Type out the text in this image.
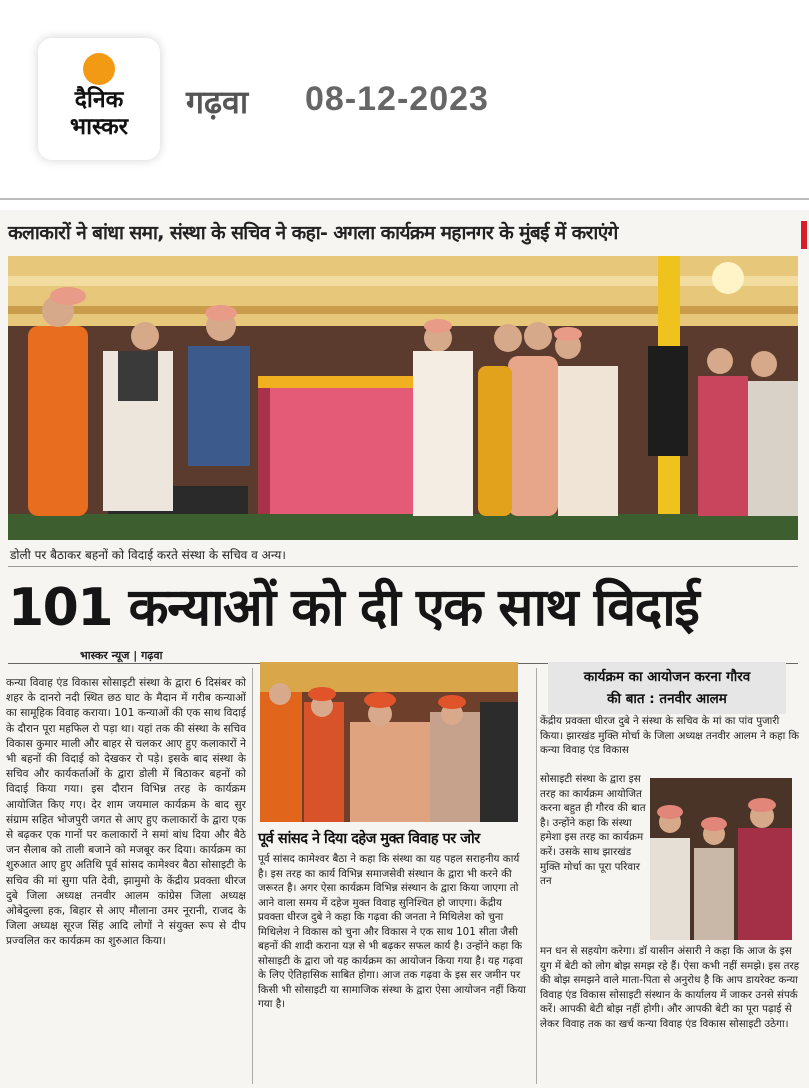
दैनिक
भास्कर
गढ़वा 08-12-2023
कलाकारों ने बांधा समा, संस्था के सचिव ने कहा- अगला कार्यक्रम महानगर के मुंबई में कराएंगे
डोली पर बैठाकर बहनों को विदाई करते संस्था के सचिव व अन्य।
101 कन्याओं को दी एक साथ विदाई
भास्कर न्यूज | गढ़वा
कन्या विवाह एंड विकास सोसाइटी संस्था के द्वारा 6 दिसंबर को शहर के दानरो नदी स्थित छठ घाट के मैदान में गरीब कन्याओं का सामूहिक विवाह कराया। 101 कन्याओं की एक साथ विदाई के दौरान पूरा महफिल रो पड़ा था। यहां तक की संस्था के सचिव विकास कुमार माली और बाहर से चलकर आए हुए कलाकारों ने भी बहनों की विदाई को देखकर रो पड़े। इसके बाद संस्था के सचिव और कार्यकर्ताओं के द्वारा डोली में बिठाकर बहनों को विदाई किया गया। इस दौरान विभिन्न तरह के कार्यक्रम आयोजित किए गए। देर शाम जयमाल कार्यक्रम के बाद सुर संग्राम सहित भोजपुरी जगत से आए हुए कलाकारों के द्वारा एक से बढ़कर एक गानों पर कलाकारों ने समां बांध दिया और बैठे जन सैलाब को ताली बजाने को मजबूर कर दिया। कार्यक्रम का शुरुआत आए हुए अतिथि पूर्व सांसद कामेश्वर बैठा सोसाइटी के सचिव की मां सुगा पति देवी, झामुमो के केंद्रीय प्रवक्ता धीरज दुबे जिला अध्यक्ष तनवीर आलम कांग्रेस जिला अध्यक्ष ओबेदुल्ला हक, बिहार से आए मौलाना उमर नूरानी, राजद के जिला अध्यक्ष सूरज सिंह आदि लोगों ने संयुक्त रूप से दीप प्रज्वलित कर कार्यक्रम का शुरुआत किया।
पूर्व सांसद ने दिया दहेज मुक्त विवाह पर जोर
पूर्व सांसद कामेश्वर बैठा ने कहा कि संस्था का यह पहल सराहनीय कार्य है। इस तरह का कार्य विभिन्न समाजसेवी संस्थान के द्वारा भी करने की जरूरत है। अगर ऐसा कार्यक्रम विभिन्न संस्थान के द्वारा किया जाएगा तो आने वाला समय में दहेज मुक्त विवाह सुनिश्चित हो जाएगा। केंद्रीय प्रवक्ता धीरज दुबे ने कहा कि गढ़वा की जनता ने मिथिलेश को चुना मिथिलेश ने विकास को चुना और विकास ने एक साथ 101 सीता जैसी बहनों की शादी कराना यज्ञ से भी बढ़कर सफल कार्य है। उन्होंने कहा कि सोसाइटी के द्वारा जो यह कार्यक्रम का आयोजन किया गया है। यह गढ़वा के लिए ऐतिहासिक साबित होगा। आज तक गढ़वा के इस सर जमीन पर किसी भी सोसाइटी या सामाजिक संस्था के द्वारा ऐसा आयोजन नहीं किया गया है।
कार्यक्रम का आयोजन करना गौरव
की बात : तनवीर आलम
केंद्रीय प्रवक्ता धीरज दुबे ने संस्था के सचिव के मां का पांव पुजारी किया। झारखंड मुक्ति मोर्चा के जिला अध्यक्ष तनवीर आलम ने कहा कि कन्या विवाह एंड विकास
सोसाइटी संस्था के द्वारा इस तरह का कार्यक्रम आयोजित करना बहुत ही गौरव की बात है। उन्होंने कहा कि संस्था हमेशा इस तरह का कार्यक्रम करें। उसके साथ झारखंड मुक्ति मोर्चा का पूरा परिवार तन
मन धन से सहयोग करेगा। डॉ यासीन अंसारी ने कहा कि आज के इस युग में बेटी को लोग बोझ समझ रहे हैं। ऐसा कभी नहीं समझे। इस तरह की बोझ समझने वाले माता-पिता से अनुरोध है कि आप डायरेक्ट कन्या विवाह एंड विकास सोसाइटी संस्थान के कार्यालय में जाकर उनसे संपर्क करें। आपकी बेटी बोझ नहीं होगी। और आपकी बेटी का पूरा पढ़ाई से लेकर विवाह तक का खर्च कन्या विवाह एंड विकास सोसाइटी उठेगा।
